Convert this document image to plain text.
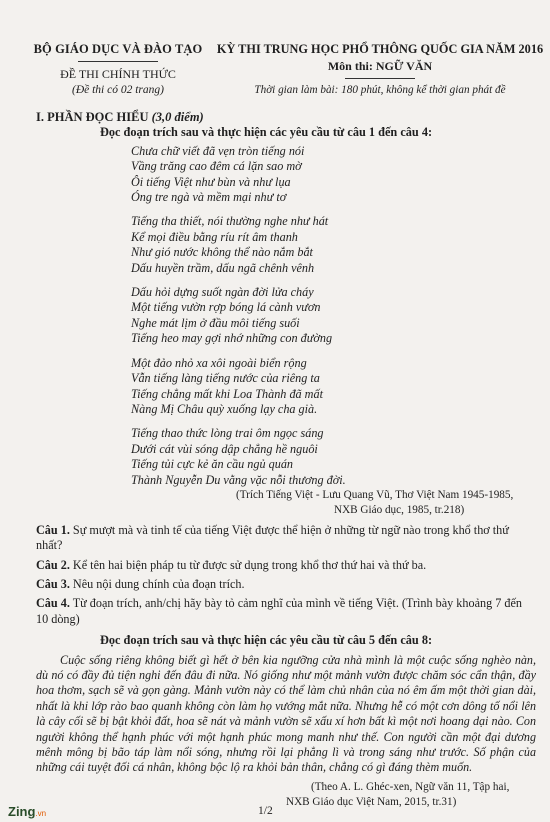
BỘ GIÁO DỤC VÀ ĐÀO TẠO
ĐỀ THI CHÍNH THỨC
(Đề thi có 02 trang)
KỲ THI TRUNG HỌC PHỔ THÔNG QUỐC GIA NĂM 2016
Môn thi: NGỮ VĂN
Thời gian làm bài: 180 phút, không kể thời gian phát đề
I. PHẦN ĐỌC HIỂU (3,0 điểm)
Đọc đoạn trích sau và thực hiện các yêu cầu từ câu 1 đến câu 4:
Chưa chữ viết đã vẹn tròn tiếng nói
Vầng trăng cao đêm cá lặn sao mờ
Ôi tiếng Việt như bùn và như lụa
Óng tre ngà và mềm mại như tơ
Tiếng tha thiết, nói thường nghe như hát
Kể mọi điều bằng ríu rít âm thanh
Như gió nước không thể nào nắm bắt
Dấu huyền trầm, dấu ngã chênh vênh
Dấu hỏi dựng suốt ngàn đời lửa cháy
Một tiếng vườn rợp bóng lá cành vươn
Nghe mát lịm ở đầu môi tiếng suối
Tiếng heo may gợi nhớ những con đường
Một đảo nhỏ xa xôi ngoài biển rộng
Vẫn tiếng làng tiếng nước của riêng ta
Tiếng chẳng mất khi Loa Thành đã mất
Nàng Mị Châu quỳ xuống lạy cha già.
Tiếng thao thức lòng trai ôm ngọc sáng
Dưới cát vùi sóng dập chẳng hề nguôi
Tiếng tủi cực kẻ ăn cầu ngủ quán
Thành Nguyễn Du vằng vặc nỗi thương đời.
(Trích Tiếng Việt - Lưu Quang Vũ, Thơ Việt Nam 1945-1985,
NXB Giáo dục, 1985, tr.218)
Câu 1. Sự mượt mà và tinh tế của tiếng Việt được thể hiện ở những từ ngữ nào trong khổ thơ thứ nhất?
Câu 2. Kể tên hai biện pháp tu từ được sử dụng trong khổ thơ thứ hai và thứ ba.
Câu 3. Nêu nội dung chính của đoạn trích.
Câu 4. Từ đoạn trích, anh/chị hãy bày tỏ cảm nghĩ của mình về tiếng Việt. (Trình bày khoảng 7 đến 10 dòng)
Đọc đoạn trích sau và thực hiện các yêu cầu từ câu 5 đến câu 8:
Cuộc sống riêng không biết gì hết ở bên kia ngưỡng cửa nhà mình là một cuộc sống nghèo nàn, dù nó có đầy đủ tiện nghi đến đâu đi nữa. Nó giống như một mảnh vườn được chăm sóc cẩn thận, đầy hoa thơm, sạch sẽ và gọn gàng. Mảnh vườn này có thể làm chủ nhân của nó êm ấm một thời gian dài, nhất là khi lớp rào bao quanh không còn làm họ vướng mắt nữa. Nhưng hễ có một cơn dông tố nổi lên là cây cối sẽ bị bật khỏi đất, hoa sẽ nát và mảnh vườn sẽ xấu xí hơn bất kì một nơi hoang dại nào. Con người không thể hạnh phúc với một hạnh phúc mong manh như thế. Con người cần một đại dương mênh mông bị bão táp làm nổi sóng, nhưng rồi lại phẳng lì và trong sáng như trước. Số phận của những cái tuyệt đối cá nhân, không bộc lộ ra khỏi bản thân, chẳng có gì đáng thèm muốn.
(Theo A. L. Ghéc-xen, Ngữ văn 11, Tập hai,
NXB Giáo dục Việt Nam, 2015, tr.31)
Zing.vn	1/2
